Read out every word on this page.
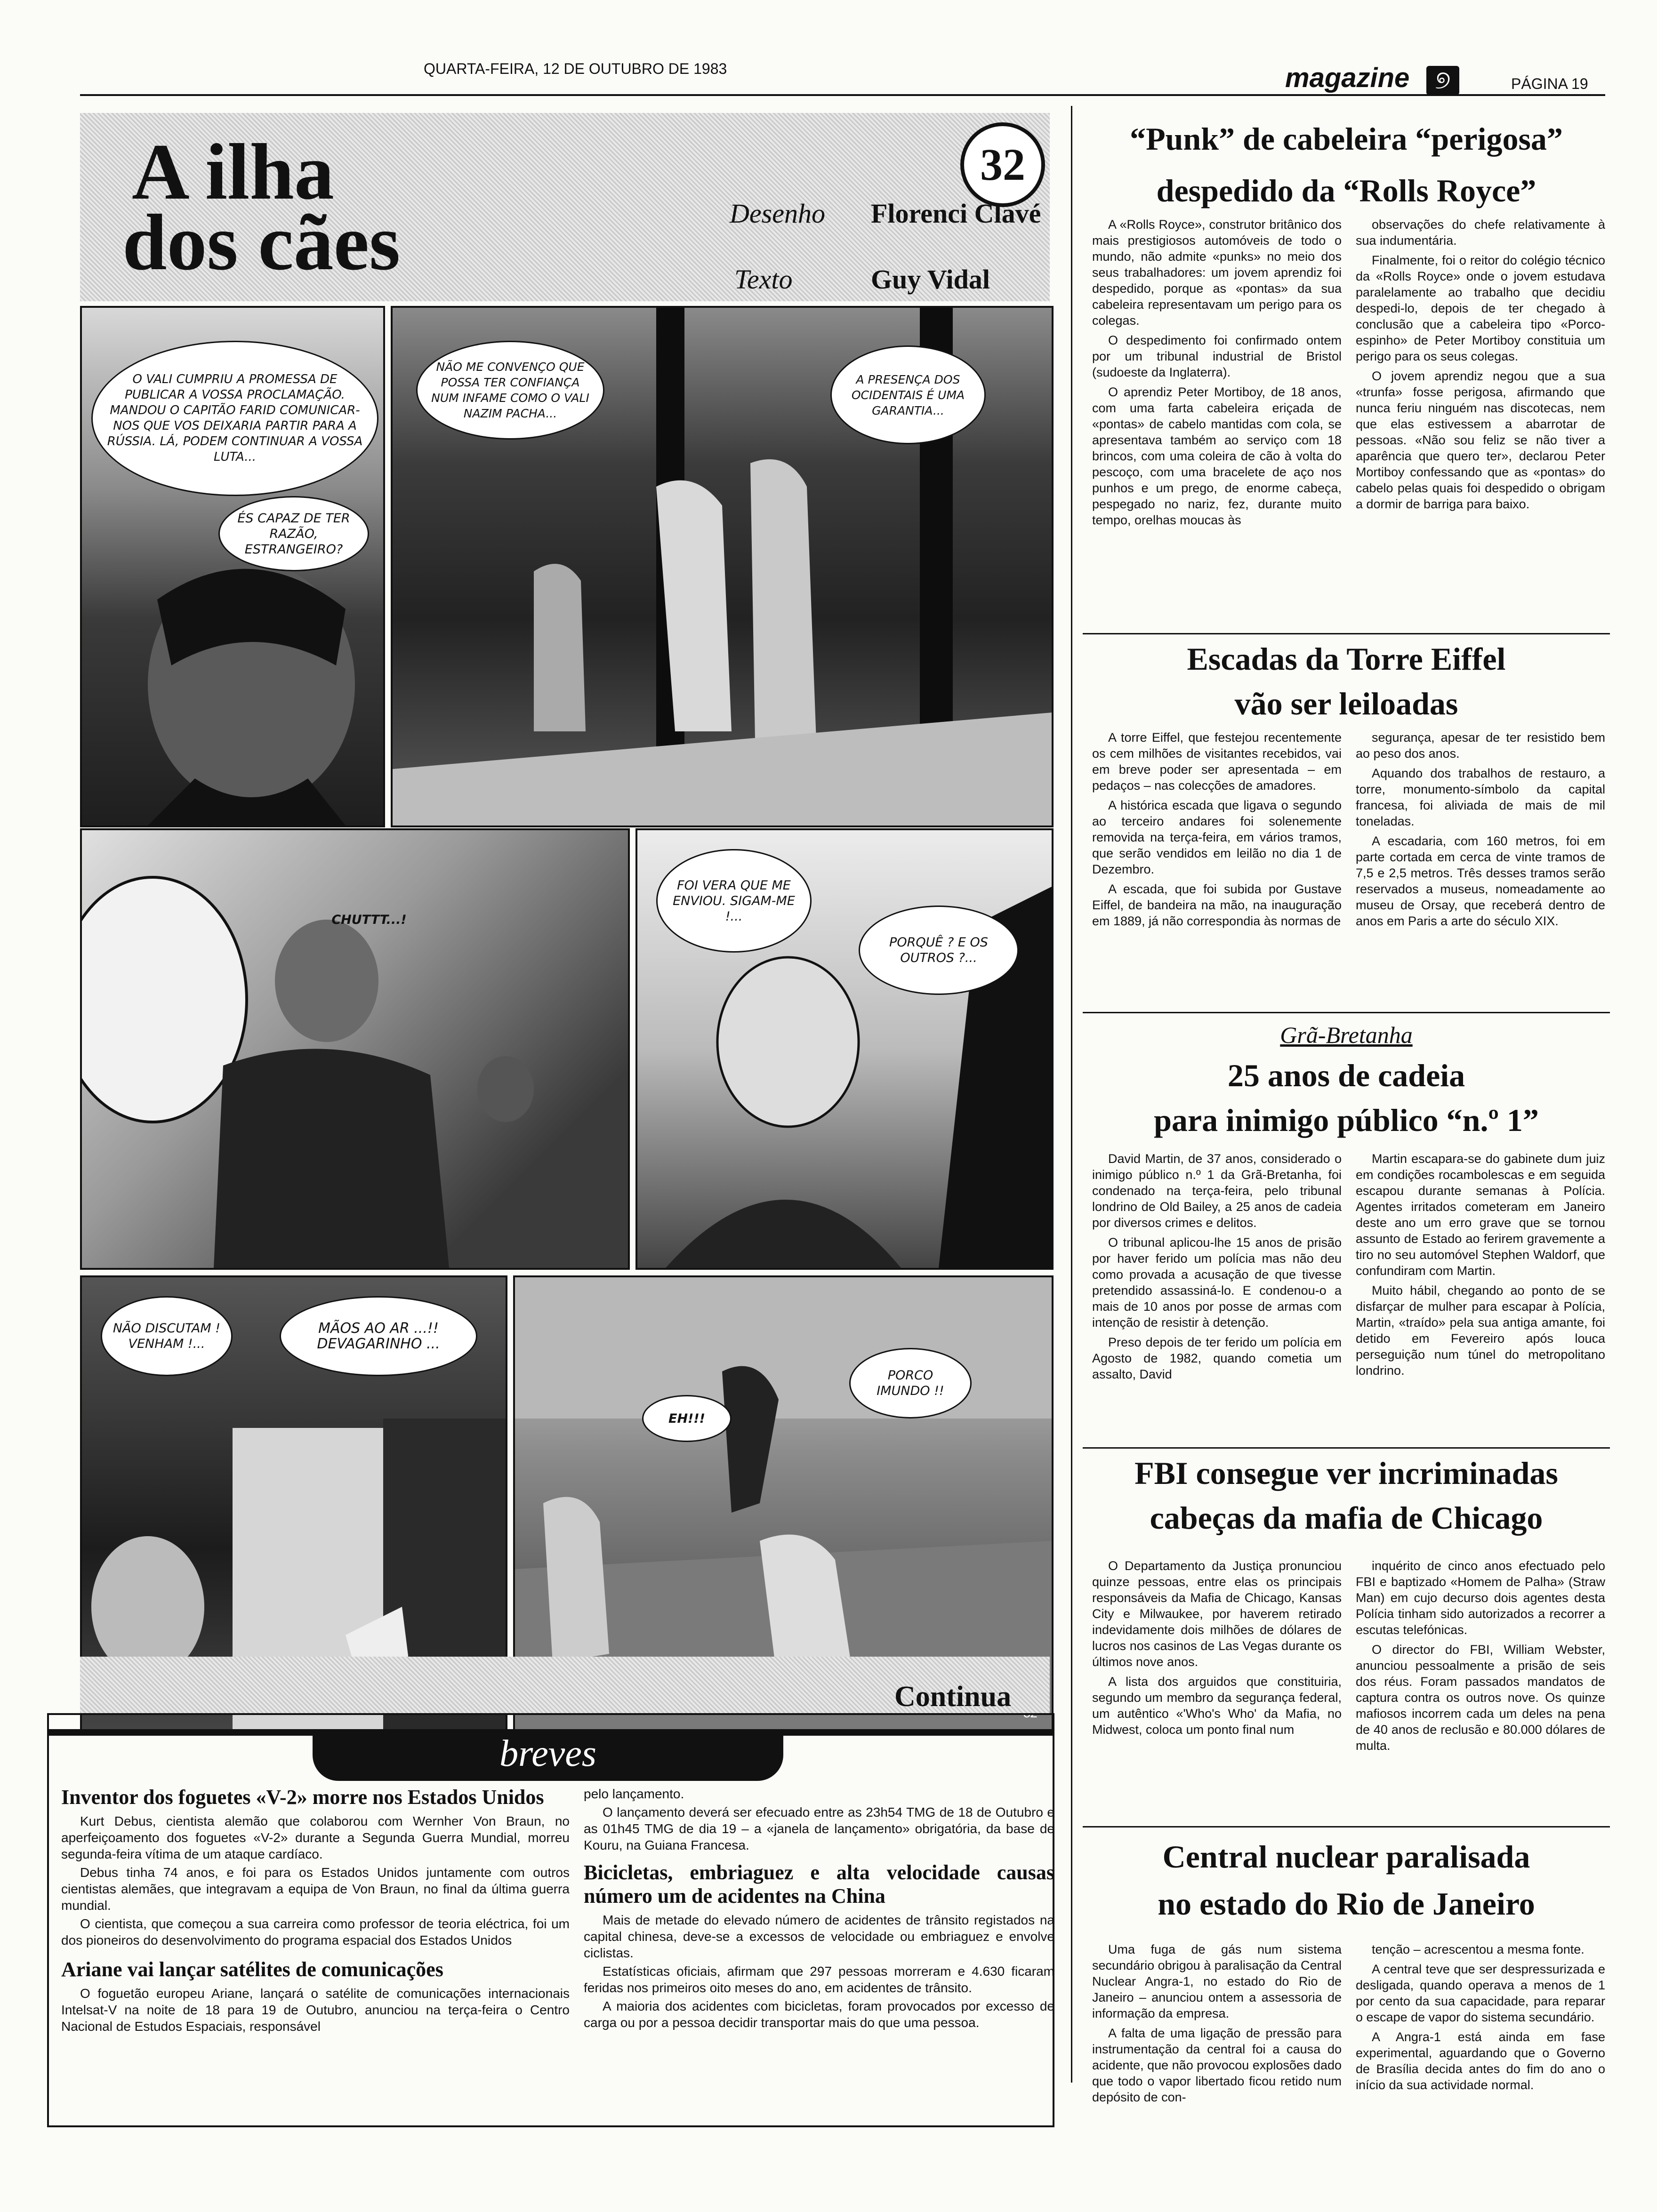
QUARTA-FEIRA, 12 DE OUTUBRO DE 1983	magazine	୭	PÁGINA 19
A ilha
dos cães
32
Desenho Florenci Clavé
Texto	Guy Vidal
O VALI CUMPRIU A PROMESSA DE PUBLICAR A VOSSA PROCLAMAÇÃO. MANDOU O CAPITÃO FARID COMUNICAR-NOS QUE VOS DEIXARIA PARTIR PARA A RÚSSIA. LÁ, PODEM CONTINUAR A VOSSA LUTA...
ÉS CAPAZ DE TER RAZÃO, ESTRANGEIRO?
NÃO ME CONVENÇO QUE POSSA TER CONFIANÇA NUM INFAME COMO O VALI NAZIM PACHA...
A PRESENÇA DOS OCIDENTAIS É UMA GARANTIA...
CHUTTT...!
FOI VERA QUE ME ENVIOU. SIGAM-ME !...
PORQUÊ ? E OS OUTROS ?...
NÃO DISCUTAM ! VENHAM !...
MÃOS AO AR ...!! DEVAGARINHO ...
EH!!!
PORCO IMUNDO !!
Continua
“Punk” de cabeleira “perigosa”
despedido da “Rolls Royce”

A «Rolls Royce», construtor britânico dos mais prestigiosos automóveis de todo o mundo, não admite «punks» no meio dos seus trabalhadores: um jovem aprendiz foi despedido, porque as «pontas» da sua cabeleira representavam um perigo para os colegas.

O despedimento foi confirmado ontem por um tribunal industrial de Bristol (sudoeste da Inglaterra).

O aprendiz Peter Mortiboy, de 18 anos, com uma farta cabeleira eriçada de «pontas» de cabelo mantidas com cola, se apresentava também ao serviço com 18 brincos, com uma coleira de cão à volta do pescoço, com uma bracelete de aço nos punhos e um prego, de enorme cabeça, pespegado no nariz, fez, durante muito tempo, orelhas moucas às

observações do chefe relativamente à sua indumentária.

Finalmente, foi o reitor do colégio técnico da «Rolls Royce» onde o jovem estudava paralelamente ao trabalho que decidiu despedi-lo, depois de ter chegado à conclusão que a cabeleira tipo «Porco-espinho» de Peter Mortiboy constituia um perigo para os seus colegas.

O jovem aprendiz negou que a sua «trunfa» fosse perigosa, afirmando que nunca feriu ninguém nas discotecas, nem que elas estivessem a abarrotar de pessoas. «Não sou feliz se não tiver a aparência que quero ter», declarou Peter Mortiboy confessando que as «pontas» do cabelo pelas quais foi despedido o obrigam a dormir de barriga para baixo.

Escadas da Torre Eiffel
vão ser leiloadas

A torre Eiffel, que festejou recentemente os cem milhões de visitantes recebidos, vai em breve poder ser apresentada – em pedaços – nas colecções de amadores.

A histórica escada que ligava o segundo ao terceiro andares foi solenemente removida na terça-feira, em vários tramos, que serão vendidos em leilão no dia 1 de Dezembro.

A escada, que foi subida por Gustave Eiffel, de bandeira na mão, na inauguração em 1889, já não correspondia às normas de

segurança, apesar de ter resistido bem ao peso dos anos.

Aquando dos trabalhos de restauro, a torre, monumento-símbolo da capital francesa, foi aliviada de mais de mil toneladas.

A escadaria, com 160 metros, foi em parte cortada em cerca de vinte tramos de 7,5 e 2,5 metros. Três desses tramos serão reservados a museus, nomeadamente ao museu de Orsay, que receberá dentro de anos em Paris a arte do século XIX.

Grã-Bretanha
25 anos de cadeia
para inimigo público “n.º 1”

David Martin, de 37 anos, considerado o inimigo público n.º 1 da Grã-Bretanha, foi condenado na terça-feira, pelo tribunal londrino de Old Bailey, a 25 anos de cadeia por diversos crimes e delitos.

O tribunal aplicou-lhe 15 anos de prisão por haver ferido um polícia mas não deu como provada a acusação de que tivesse pretendido assassiná-lo. E condenou-o a mais de 10 anos por posse de armas com intenção de resistir à detenção.

Preso depois de ter ferido um polícia em Agosto de 1982, quando cometia um assalto, David

Martin escapara-se do gabinete dum juiz em condições rocambolescas e em seguida escapou durante semanas à Polícia. Agentes irritados cometeram em Janeiro deste ano um erro grave que se tornou assunto de Estado ao ferirem gravemente a tiro no seu automóvel Stephen Waldorf, que confundiram com Martin.

Muito hábil, chegando ao ponto de se disfarçar de mulher para escapar à Polícia, Martin, «traído» pela sua antiga amante, foi detido em Fevereiro após louca perseguição num túnel do metropolitano londrino.

FBI consegue ver incriminadas
cabeças da mafia de Chicago

O Departamento da Justiça pronunciou quinze pessoas, entre elas os principais responsáveis da Mafia de Chicago, Kansas City e Milwaukee, por haverem retirado indevidamente dois milhões de dólares de lucros nos casinos de Las Vegas durante os últimos nove anos.

A lista dos arguidos que constituiria, segundo um membro da segurança federal, um autêntico «'Who's Who' da Mafia, no Midwest, coloca um ponto final num

inquérito de cinco anos efectuado pelo FBI e baptizado «Homem de Palha» (Straw Man) em cujo decurso dois agentes desta Polícia tinham sido autorizados a recorrer a escutas telefónicas.

O director do FBI, William Webster, anunciou pessoalmente a prisão de seis dos réus. Foram passados mandatos de captura contra os outros nove. Os quinze mafiosos incorrem cada um deles na pena de 40 anos de reclusão e 80.000 dólares de multa.

Central nuclear paralisada
no estado do Rio de Janeiro

Uma fuga de gás num sistema secundário obrigou à paralisação da Central Nuclear Angra-1, no estado do Rio de Janeiro – anunciou ontem a assessoria de informação da empresa.

A falta de uma ligação de pressão para instrumentação da central foi a causa do acidente, que não provocou explosões dado que todo o vapor libertado ficou retido num depósito de con-

tenção – acrescentou a mesma fonte.

A central teve que ser despressurizada e desligada, quando operava a menos de 1 por cento da sua capacidade, para reparar o escape de vapor do sistema secundário.

A Angra-1 está ainda em fase experimental, aguardando que o Governo de Brasília decida antes do fim do ano o início da sua actividade normal.

breves
Inventor dos foguetes «V-2» morre nos Estados Unidos

Kurt Debus, cientista alemão que colaborou com Wernher Von Braun, no aperfeiçoamento dos foguetes «V-2» durante a Segunda Guerra Mundial, morreu segunda-feira vítima de um ataque cardíaco.

Debus tinha 74 anos, e foi para os Estados Unidos juntamente com outros cientistas alemães, que integravam a equipa de Von Braun, no final da última guerra mundial.

O cientista, que começou a sua carreira como professor de teoria eléctrica, foi um dos pioneiros do desenvolvimento do programa espacial dos Estados Unidos

Ariane vai lançar satélites de comunicações

O foguetão europeu Ariane, lançará o satélite de comunicações internacionais Intelsat-V na noite de 18 para 19 de Outubro, anunciou na terça-feira o Centro Nacional de Estudos Espaciais, responsável

pelo lançamento.

O lançamento deverá ser efecuado entre as 23h54 TMG de 18 de Outubro e as 01h45 TMG de dia 19 – a «janela de lançamento» obrigatória, da base de Kouru, na Guiana Francesa.

Bicicletas, embriaguez e alta velocidade causas número um de acidentes na China

Mais de metade do elevado número de acidentes de trânsito registados na capital chinesa, deve-se a excessos de velocidade ou embriaguez e envolve ciclistas.

Estatísticas oficiais, afirmam que 297 pessoas morreram e 4.630 ficaram feridas nos primeiros oito meses do ano, em acidentes de trânsito.

A maioria dos acidentes com bicicletas, foram provocados por excesso de carga ou por a pessoa decidir transportar mais do que uma pessoa.
